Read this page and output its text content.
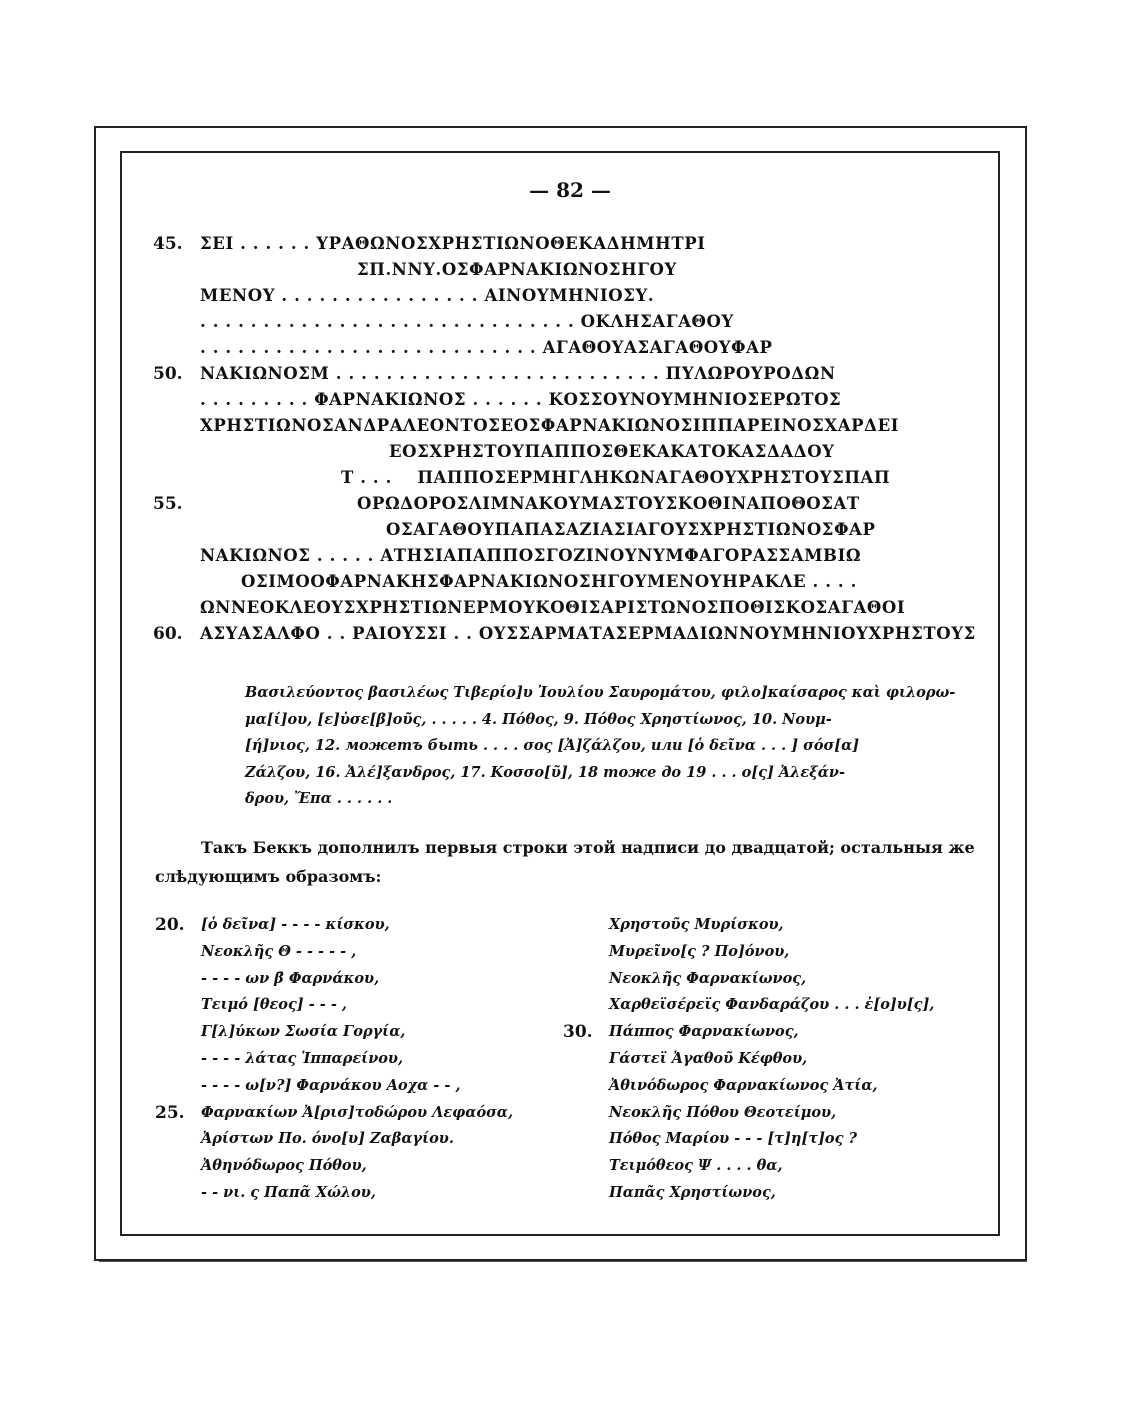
— 82 —
45. ΣΕΙ . . . . . . ΥΡΑΘΩΝΟΣΧΡΗΣΤΙΩΝΟΘΕΚΑΔΗΜΗΤΡΙ
ΣΠ.ΝΝΥ.ΟΣΦΑΡΝΑΚΙΩΝΟΣΗΓΟΥ
ΜΕΝΟΥ . . . . . . . . . . . . . . . . ΑΙΝΟΥΜΗΝΙΟΣΥ.
. . . . . . . . . . . . . . . . . . . . . . . . . . . . . . ΟΚΛΗΣΑΓΑΘΟΥ
. . . . . . . . . . . . . . . . . . . . . . . . . . . ΑΓΑΘΟΥΑΣΑΓΑΘΟΥΦΑΡ
50. ΝΑΚΙΩΝΟΣΜ . . . . . . . . . . . . . . . . . . . . . . . . . . ΠΥΛΩΡΟΥΡΟΔΩΝ
. . . . . . . . . ΦΑΡΝΑΚΙΩΝΟΣ . . . . . . ΚΟΣΣΟΥΝΟΥΜΗΝΙΟΣΕΡΩΤΟΣ
ΧΡΗΣΤΙΩΝΟΣΑΝΔΡΑΛΕΟΝΤΟΣΕΟΣΦΑΡΝΑΚΙΩΝΟΣΙΠΠΑΡΕΙΝΟΣΧΑΡΔΕΙ
ΕΟΣΧΡΗΣΤΟΥΠΑΠΠΟΣΘΕΚΑΚΑΤΟΚΑΣΔΑΔΟΥ
Τ . . .    ΠΑΠΠΟΣΕΡΜΗΓΛΗΚΩΝΑΓΑΘΟΥΧΡΗΣΤΟΥΣΠΑΠ
55.	ΟΡΩΔΟΡΟΣΛΙΜΝΑΚΟΥΜΑΣΤΟΥΣΚΟΘΙΝΑΠΟΘΟΣΑΤ
ΟΣΑΓΑΘΟΥΠΑΠΑΣΑΖΙΑΣΙΑΓΟΥΣΧΡΗΣΤΙΩΝΟΣΦΑΡ
ΝΑΚΙΩΝΟΣ . . . . . ΑΤΗΣΙΑΠΑΠΠΟΣΓΟΖΙΝΟΥΝΥΜΦΑΓΟΡΑΣΣΑΜΒΙΩ
ΟΣΙΜΟΟΦΑΡΝΑΚΗΣΦΑΡΝΑΚΙΩΝΟΣΗΓΟΥΜΕΝΟΥΗΡΑΚΛΕ . . . .
ΩΝΝΕΟΚΛΕΟΥΣΧΡΗΣΤΙΩΝΕΡΜΟΥΚΟΘΙΣΑΡΙΣΤΩΝΟΣΠΟΘΙΣΚΟΣΑΓΑΘΟΙ
60. ΑΣΥΑΣΑΛΦΟ . . ΡΑΙΟΥΣΣΙ . . ΟΥΣΣΑΡΜΑΤΑΣΕΡΜΑΔΙΩΝΝΟΥΜΗΝΙΟΥΧΡΗΣΤΟΥΣ

Βασιλεύοντος βασιλέως Τιβερίο]υ Ἰουλίου Σαυρομάτου, φιλο]καίσαρος καὶ φιλορω-

μα[ί]ου, [ε]ὐσε[β]οῦς, . . . . . 4. Πόθος, 9. Πόθος Χρηστίωνος, 10. Νουμ-

[ή]νιος, 12. можетъ быть . . . . σος [Ἀ]ζάλζου, или [ὁ δεῖνα . . . ] σόσ[α]

Ζάλζου, 16. Ἀλέ]ξανδρος, 17. Κοσσο[ῦ], 18 тоже до 19 . . . ο[ς] Ἀλεξάν-

δρου, Ἔπα . . . . . .

Такъ Беккъ дополнилъ первыя строки этой надписи до двадцатой; остальныя же слѣдующимъ образомъ:

20. [ὁ δεῖνα] - - - - κίσκου,
Νεοκλῆς Θ - - - - - ,
- - - - ων β̄ Φαρνάκου,
Τειμό [θεος] - - - ,
Γ[λ]ύκων Σωσία Γοργία,
- - - - λάτας Ἱππαρείνου,
- - - - ω[ν?] Φαρνάκου Αοχα - - ,
25. Φαρνακίων Ἀ[ρισ]τοδώρου Λεφαόσα,
Ἀρίστων Πο. όνο[υ] Ζαβαγίου.
Ἀθηνόδωρος Πόθου,
- - νι. ς Παπᾶ Χώλου,
Χρηστοῦς Μυρίσκου,
Μυρεῖνο[ς ? Πο]όνου,
Νεοκλῆς Φαρνακίωνος,
Χαρθεϊσέρεϊς Φανδαράζου . . . ἐ[ο]υ[ς],
30. Πάππος Φαρνακίωνος,
Γάστεϊ Ἀγαθοῦ Κέφθου,
Ἀθινόδωρος Φαρνακίωνος Ἀτία,
Νεοκλῆς Πόθου Θεοτείμου,
Πόθος Μαρίου - - - [τ]η[τ]ος ?
Τειμόθεος Ψ . . . . θα,
Παπᾶς Χρηστίωνος,
